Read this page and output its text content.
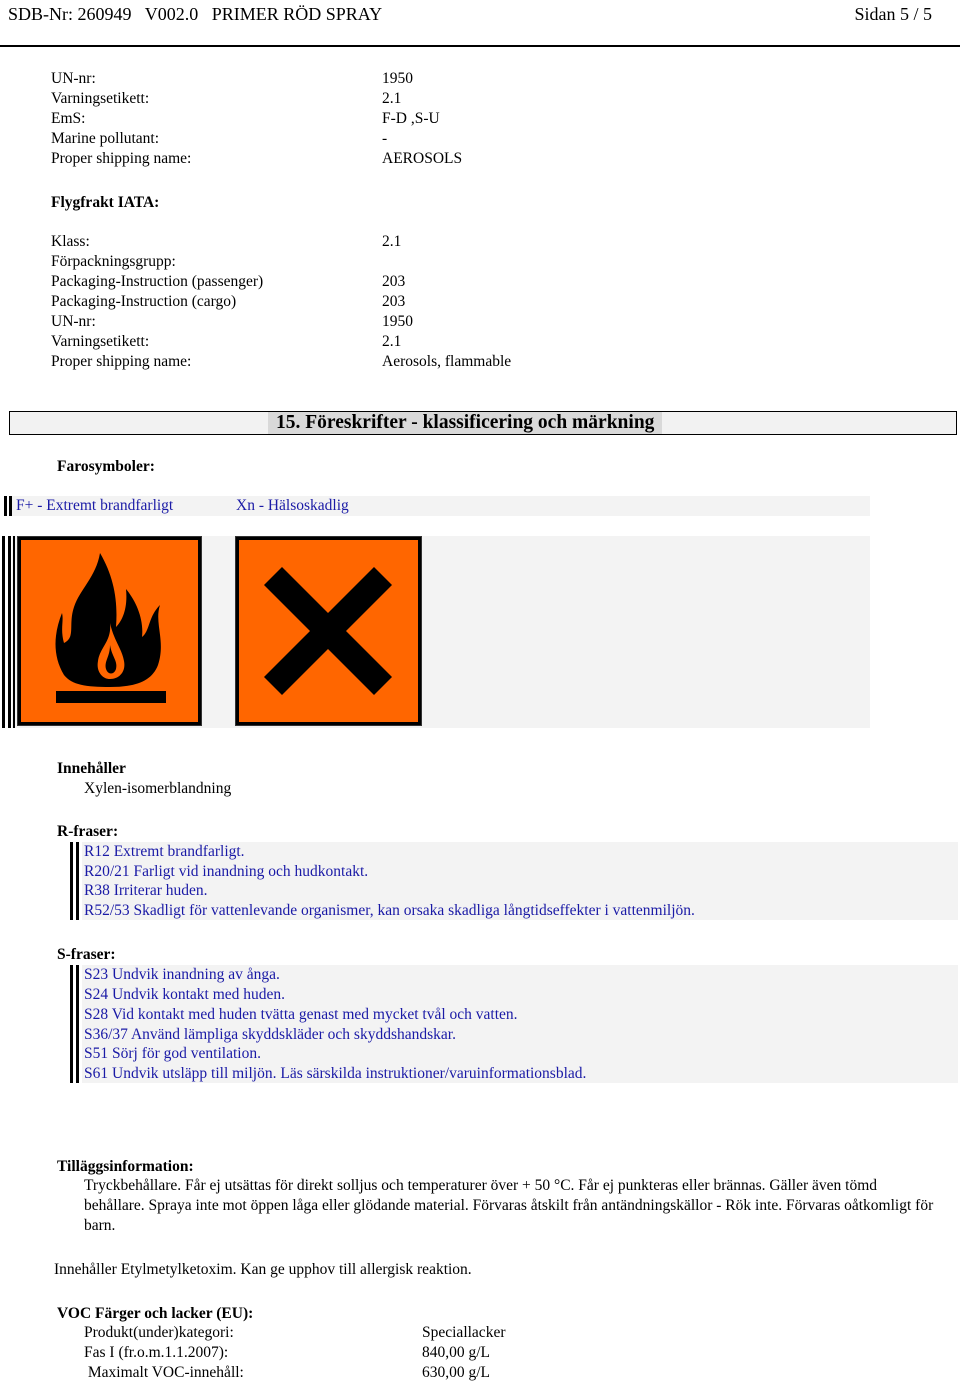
SDB-Nr: 260949 V002.0 PRIMER RÖD SPRAY	Sidan 5 / 5
UN-nr:	1950
Varningsetikett:	2.1
EmS:	F-D ,S-U
Marine pollutant:	-
Proper shipping name:	AEROSOLS
Flygfrakt IATA:
Klass:	2.1
Förpackningsgrupp:
Packaging-Instruction (passenger)	203
Packaging-Instruction (cargo)	203
UN-nr:	1950
Varningsetikett:	2.1
Proper shipping name:	Aerosols, flammable
15. Föreskrifter - klassificering och märkning
Farosymboler:
F+ - Extremt brandfarligt	Xn - Hälsoskadlig
Innehåller
Xylen-isomerblandning
R-fraser:
R12 Extremt brandfarligt.
R20/21 Farligt vid inandning och hudkontakt.
R38 Irriterar huden.
R52/53 Skadligt för vattenlevande organismer, kan orsaka skadliga långtidseffekter i vattenmiljön.
S-fraser:
S23 Undvik inandning av ånga.
S24 Undvik kontakt med huden.
S28 Vid kontakt med huden tvätta genast med mycket tvål och vatten.
S36/37 Använd lämpliga skyddskläder och skyddshandskar.
S51 Sörj för god ventilation.
S61 Undvik utsläpp till miljön. Läs särskilda instruktioner/varuinformationsblad.
Tilläggsinformation:
Tryckbehållare. Får ej utsättas för direkt solljus och temperaturer över + 50 °C. Får ej punkteras eller brännas. Gäller även tömd behållare. Spraya inte mot öppen låga eller glödande material. Förvaras åtskilt från antändningskällor - Rök inte. Förvaras oåtkomligt för barn.
Innehåller Etylmetylketoxim. Kan ge upphov till allergisk reaktion.
VOC Färger och lacker (EU):
Produkt(under)kategori:	Speciallacker
Fas I (fr.o.m.1.1.2007):	840,00 g/L
Maximalt VOC-innehåll:	630,00 g/L
